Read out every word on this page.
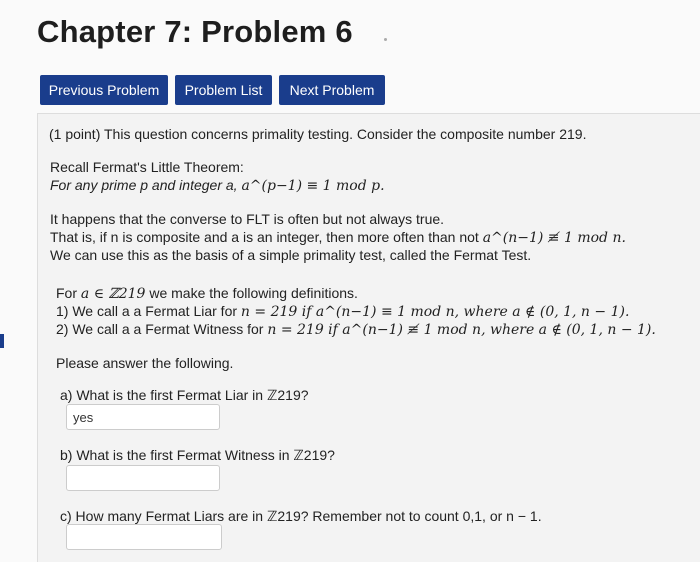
Chapter 7: Problem 6
Previous Problem	Problem List	Next Problem
(1 point) This question concerns primality testing. Consider the composite number 219.
Recall Fermat's Little Theorem:
For any prime p and integer a, a^(p−1) ≡ 1 mod p.
It happens that the converse to FLT is often but not always true.
That is, if n is composite and a is an integer, then more often than not a^(n−1) ≢ 1 mod n.
We can use this as the basis of a simple primality test, called the Fermat Test.
For a ∈ ℤ219 we make the following definitions.
1) We call a a Fermat Liar for n = 219 if a^(n−1) ≡ 1 mod n, where a ∉ (0, 1, n − 1).
2) We call a a Fermat Witness for n = 219 if a^(n−1) ≢ 1 mod n, where a ∉ (0, 1, n − 1).
Please answer the following.
a) What is the first Fermat Liar in ℤ219?
yes
b) What is the first Fermat Witness in ℤ219?
c) How many Fermat Liars are in ℤ219? Remember not to count 0,1, or n − 1.
